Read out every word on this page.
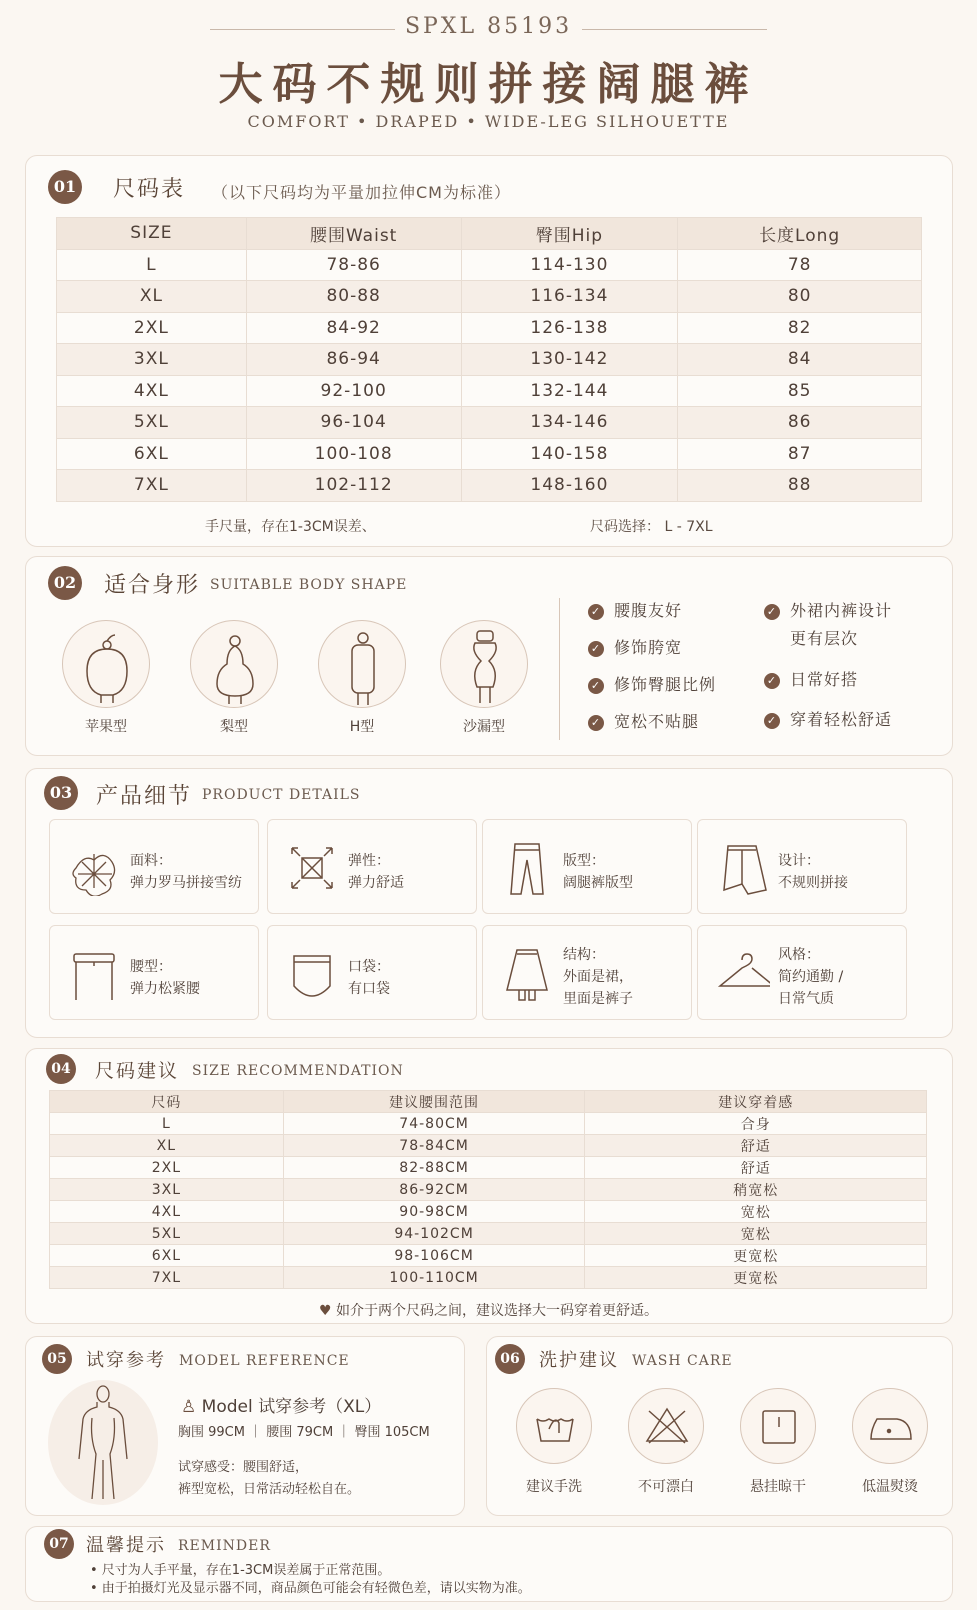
SPXL 85193
大码不规则拼接阔腿裤
COMFORT • DRAPED • WIDE-LEG SILHOUETTE
01 尺码表 （以下尺码均为平量加拉伸CM为标准）
SIZE	腰围Waist	臀围Hip	长度Long
L	78-86	114-130	78
XL	80-88	116-134	80
2XL	84-92	126-138	82
3XL	86-94	130-142	84
4XL	92-100	132-144	85
5XL	96-104	134-146	86
6XL	100-108	140-158	87
7XL	102-112	148-160	88
手尺量，存在1-3CM误差、	尺码选择： L - 7XL
02 适合身形 SUITABLE BODY SHAPE
苹果型	梨型	H型	沙漏型
✓ 腰腹友好
✓ 修饰胯宽
✓ 修饰臀腿比例
✓ 宽松不贴腿
✓ 外裙内裤设计
更有层次
✓ 日常好搭
✓ 穿着轻松舒适
03 产品细节 PRODUCT DETAILS
面料：
弹力罗马拼接雪纺
弹性：
弹力舒适
版型：
阔腿裤版型
设计：
不规则拼接
腰型：
弹力松紧腰
口袋：
有口袋
结构：
外面是裙，
里面是裤子
风格：
简约通勤 /
日常气质
04 尺码建议 SIZE RECOMMENDATION
尺码	建议腰围范围	建议穿着感
L	74-80CM	合身
XL	78-84CM	舒适
2XL	82-88CM	舒适
3XL	86-92CM	稍宽松
4XL	90-98CM	宽松
5XL	94-102CM	宽松
6XL	98-106CM	更宽松
7XL	100-110CM	更宽松
♥ 如介于两个尺码之间，建议选择大一码穿着更舒适。
05 试穿参考 MODEL REFERENCE
♙ Model 试穿参考（XL）
胸围 99CM ｜ 腰围 79CM ｜ 臀围 105CM
试穿感受：腰围舒适，
裤型宽松，日常活动轻松自在。
06 洗护建议 WASH CARE
建议手洗	不可漂白	悬挂晾干	低温熨烫
07 温馨提示 REMINDER
• 尺寸为人手平量，存在1-3CM误差属于正常范围。
• 由于拍摄灯光及显示器不同，商品颜色可能会有轻微色差，请以实物为准。
